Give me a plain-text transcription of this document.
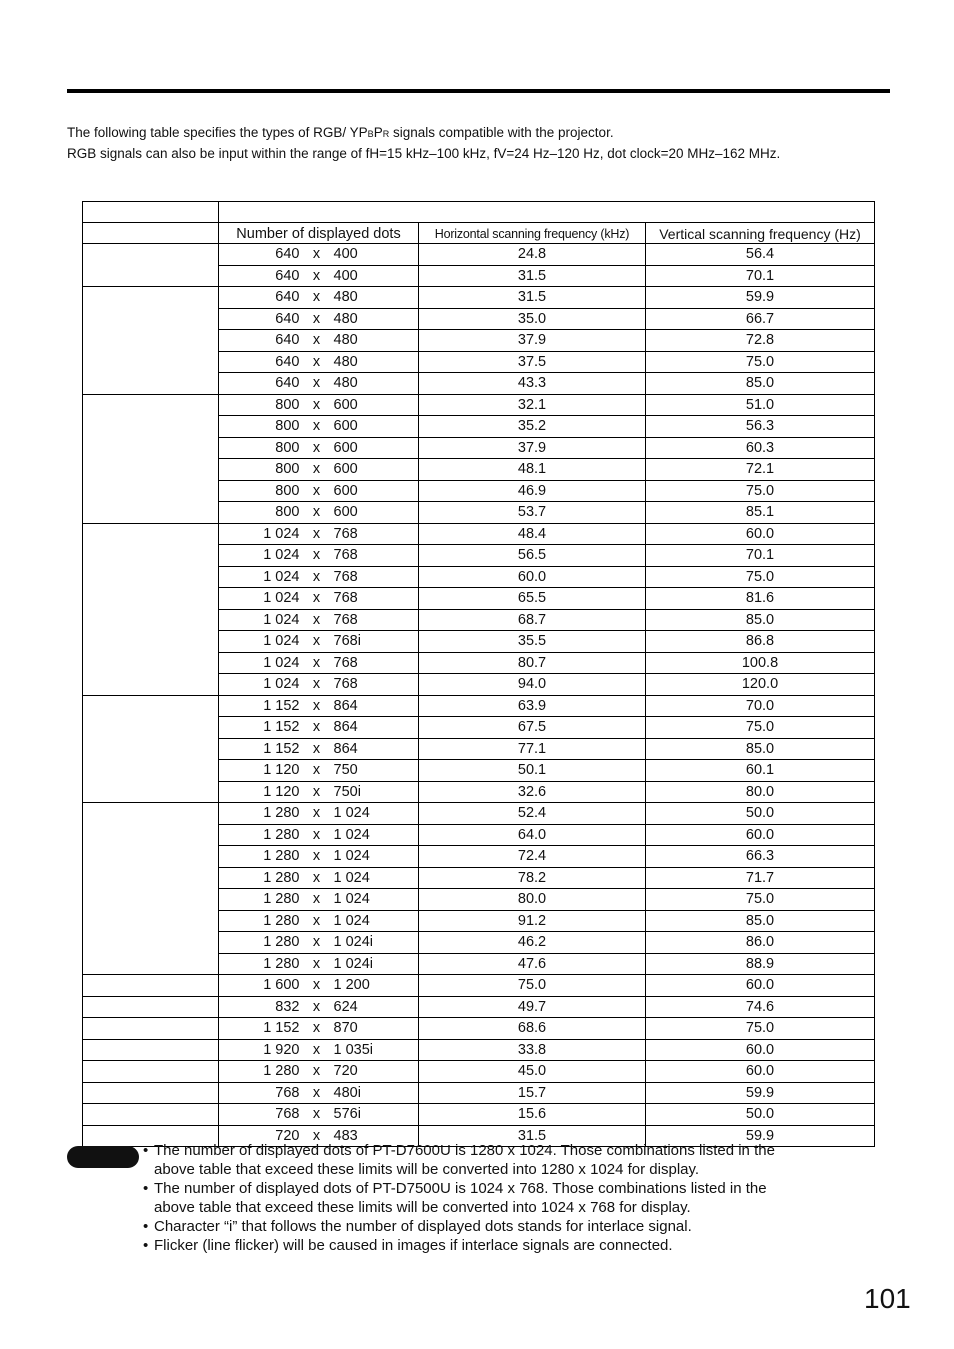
The following table specifies the types of RGB/ YPBPR signals compatible with the projector.

RGB signals can also be input within the range of fH=15 kHz–100 kHz, fV=24 Hz–120 Hz, dot clock=20 MHz–162 MHz.

	Number of displayed dots	Horizontal scanning frequency (kHz)	Vertical scanning frequency (Hz)
	640 x 400	24.8	56.4
	640 x 400	31.5	70.1
	640 x 480	31.5	59.9
	640 x 480	35.0	66.7
	640 x 480	37.9	72.8
	640 x 480	37.5	75.0
	640 x 480	43.3	85.0
	800 x 600	32.1	51.0
	800 x 600	35.2	56.3
	800 x 600	37.9	60.3
	800 x 600	48.1	72.1
	800 x 600	46.9	75.0
	800 x 600	53.7	85.1
	1 024 x 768	48.4	60.0
	1 024 x 768	56.5	70.1
	1 024 x 768	60.0	75.0
	1 024 x 768	65.5	81.6
	1 024 x 768	68.7	85.0
	1 024 x 768i	35.5	86.8
	1 024 x 768	80.7	100.8
	1 024 x 768	94.0	120.0
	1 152 x 864	63.9	70.0
	1 152 x 864	67.5	75.0
	1 152 x 864	77.1	85.0
	1 120 x 750	50.1	60.1
	1 120 x 750i	32.6	80.0
	1 280 x 1 024	52.4	50.0
	1 280 x 1 024	64.0	60.0
	1 280 x 1 024	72.4	66.3
	1 280 x 1 024	78.2	71.7
	1 280 x 1 024	80.0	75.0
	1 280 x 1 024	91.2	85.0
	1 280 x 1 024i	46.2	86.0
	1 280 x 1 024i	47.6	88.9
	1 600 x 1 200	75.0	60.0
	832 x 624	49.7	74.6
	1 152 x 870	68.6	75.0
	1 920 x 1 035i	33.8	60.0
	1 280 x 720	45.0	60.0
	768 x 480i	15.7	59.9
	768 x 576i	15.6	50.0
	720 x 483	31.5	59.9
• The number of displayed dots of PT-D7600U is 1280 x 1024. Those combinations listed in the
above table that exceed these limits will be converted into 1280 x 1024 for display.
• The number of displayed dots of PT-D7500U is 1024 x 768. Those combinations listed in the
above table that exceed these limits will be converted into 1024 x 768 for display.
• Character “i” that follows the number of displayed dots stands for interlace signal.
• Flicker (line flicker) will be caused in images if interlace signals are connected.
101
